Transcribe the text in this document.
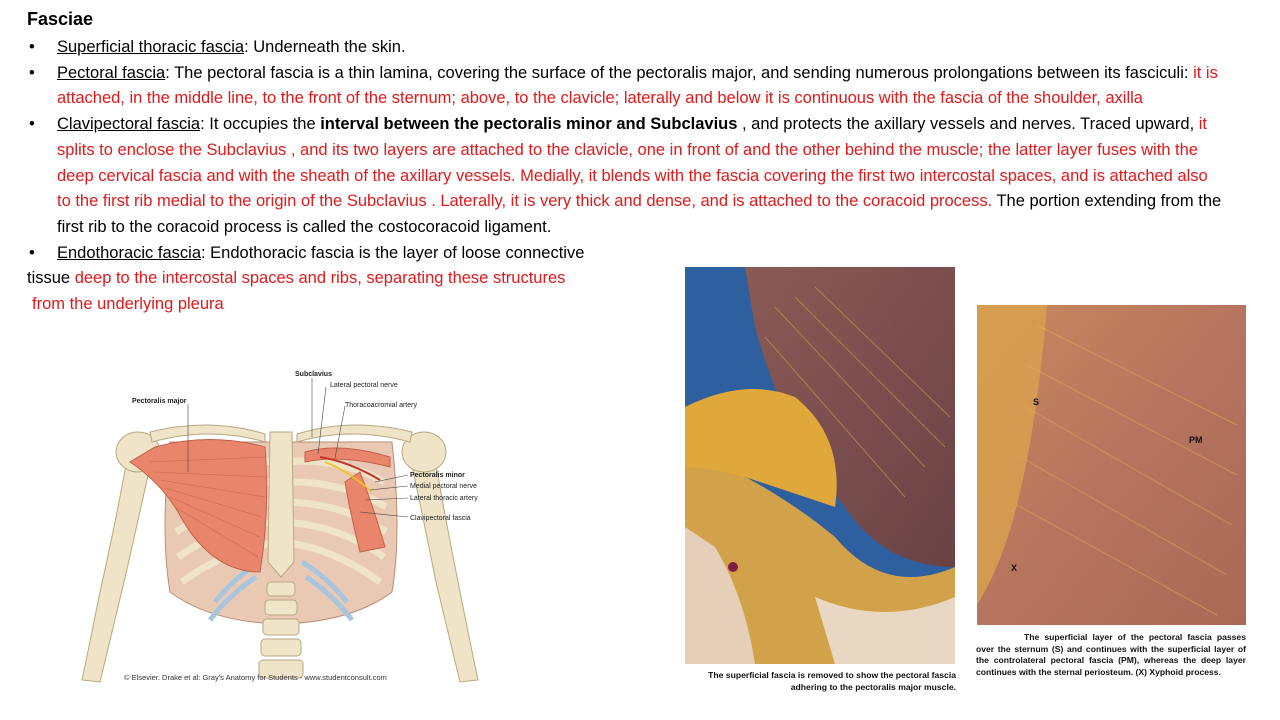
Fasciae
• Superficial thoracic fascia: Underneath the skin.
• Pectoral fascia: The pectoral fascia is a thin lamina, covering the surface of the pectoralis major, and sending numerous prolongations between its fasciculi: it is attached, in the middle line, to the front of the sternum; above, to the clavicle; laterally and below it is continuous with the fascia of the shoulder, axilla
• Clavipectoral fascia: It occupies the interval between the pectoralis minor and Subclavius , and protects the axillary vessels and nerves. Traced upward, it splits to enclose the Subclavius , and its two layers are attached to the clavicle, one in front of and the other behind the muscle; the latter layer fuses with the deep cervical fascia and with the sheath of the axillary vessels. Medially, it blends with the fascia covering the first two intercostal spaces, and is attached also to the first rib medial to the origin of the Subclavius . Laterally, it is very thick and dense, and is attached to the coracoid process. The portion extending from the first rib to the coracoid process is called the costocoracoid ligament.
• Endothoracic fascia: Endothoracic fascia is the layer of loose connective
tissue deep to the intercostal spaces and ribs, separating these structures
from the underlying pleura
Pectoralis major
Subclavius
Lateral pectoral nerve
Thoracoacromial artery
Pectoralis minor
Medial pectoral nerve
Lateral thoracic artery
Clavipectoral fascia
© Elsevier. Drake et al: Gray's Anatomy for Students - www.studentconsult.com	The superficial fascia is removed to show the pectoral fascia adhering to the pectoralis major muscle.
S
PM
X
The superficial layer of the pectoral fascia passes over the sternum (S) and continues with the superficial layer of the controlateral pectoral fascia (PM), whereas the deep layer continues with the sternal periosteum. (X) Xyphoid process.
